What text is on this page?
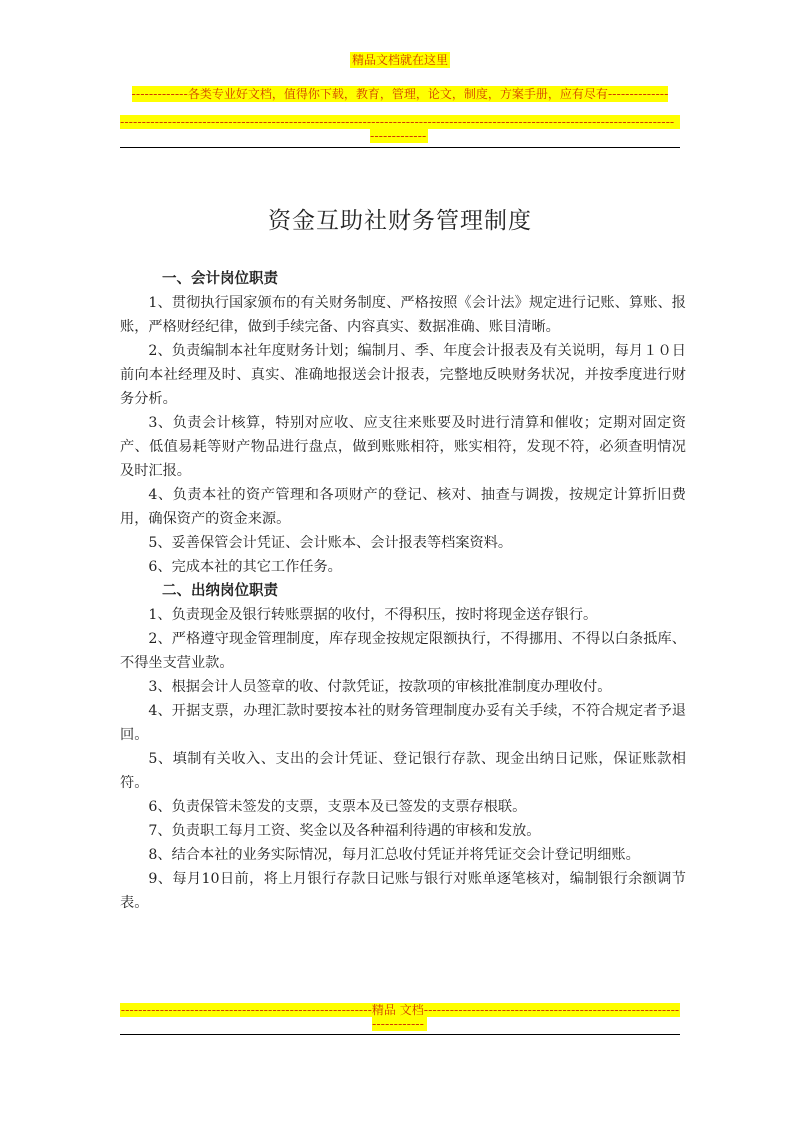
精品文档就在这里
-------------各类专业好文档，值得你下载，教育，管理，论文，制度，方案手册，应有尽有--------------
--------------------------------------------------------------------------------------------------------------------------------
-------------
资金互助社财务管理制度

一、会计岗位职责

1、贯彻执行国家颁布的有关财务制度、严格按照《会计法》规定进行记账、算账、报账，严格财经纪律，做到手续完备、内容真实、数据准确、账目清晰。

2、负责编制本社年度财务计划；编制月、季、年度会计报表及有关说明，每月１０日前向本社经理及时、真实、准确地报送会计报表，完整地反映财务状况，并按季度进行财务分析。

3、负责会计核算，特别对应收、应支往来账要及时进行清算和催收；定期对固定资产、低值易耗等财产物品进行盘点，做到账账相符，账实相符，发现不符，必须查明情况及时汇报。

4、负责本社的资产管理和各项财产的登记、核对、抽查与调拨，按规定计算折旧费用，确保资产的资金来源。

5、妥善保管会计凭证、会计账本、会计报表等档案资料。

6、完成本社的其它工作任务。

二、出纳岗位职责

1、负责现金及银行转账票据的收付，不得积压，按时将现金送存银行。

2、严格遵守现金管理制度，库存现金按规定限额执行，不得挪用、不得以白条抵库、不得坐支营业款。

3、根据会计人员签章的收、付款凭证，按款项的审核批准制度办理收付。

4、开据支票，办理汇款时要按本社的财务管理制度办妥有关手续，不符合规定者予退回。

5、填制有关收入、支出的会计凭证、登记银行存款、现金出纳日记账，保证账款相符。

6、负责保管未签发的支票，支票本及已签发的支票存根联。

7、负责职工每月工资、奖金以及各种福利待遇的审核和发放。

8、结合本社的业务实际情况，每月汇总收付凭证并将凭证交会计登记明细账。

9、每月10日前，将上月银行存款日记账与银行对账单逐笔核对，编制银行余额调节表。

----------------------------------------------------------精品 文档-----------------------------------------------------------
------------
